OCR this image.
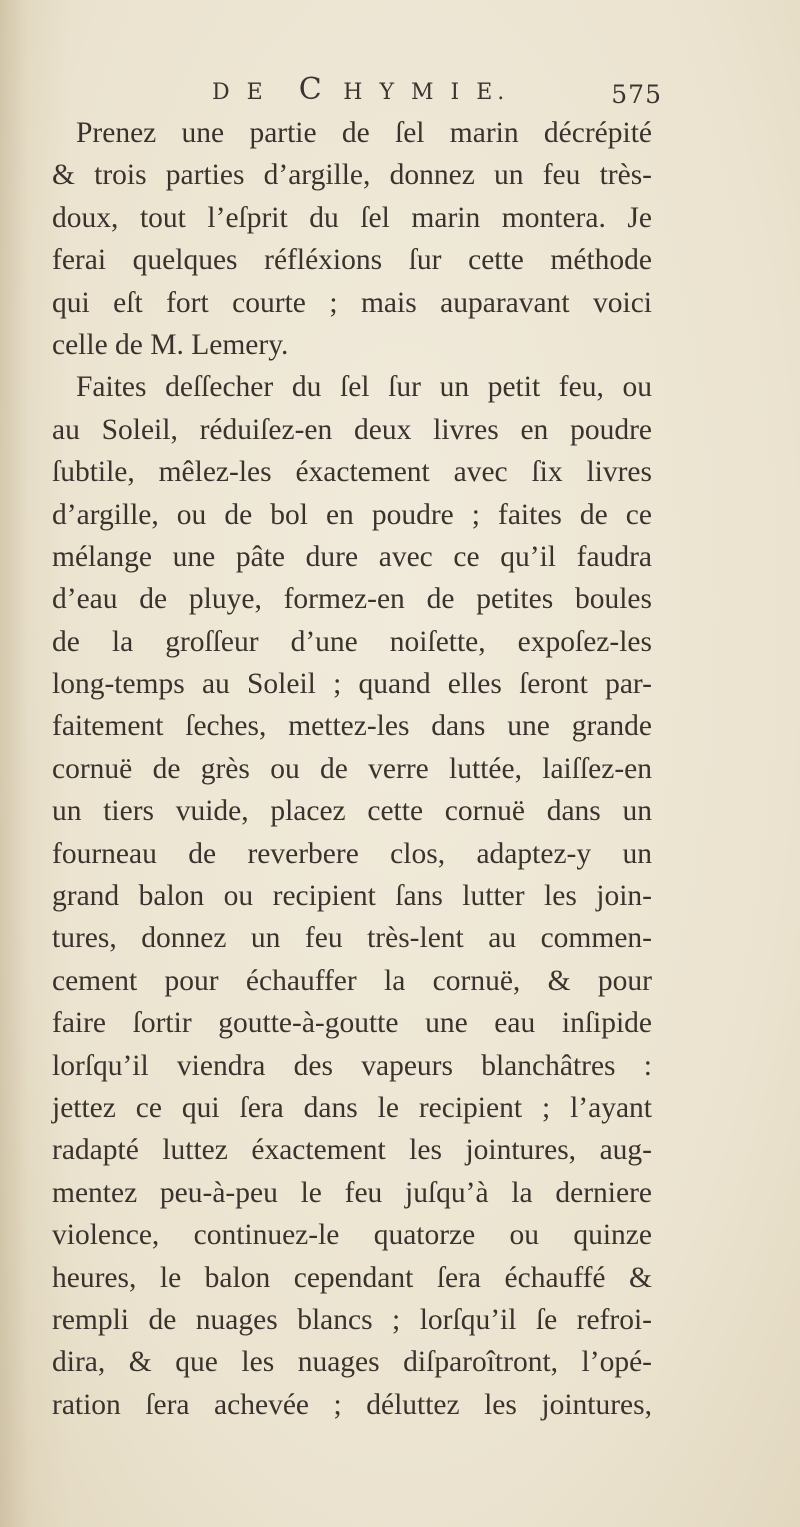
D E C H Y M I E.	575
Prenez une partie de ſel marin décrépité
& trois parties d’argille, donnez un feu très-
doux, tout l’eſprit du ſel marin montera. Je
ferai quelques réfléxions ſur cette méthode
qui eſt fort courte ; mais auparavant voici
celle de M. Lemery.
Faites deſſecher du ſel ſur un petit feu, ou
au Soleil, réduiſez-en deux livres en poudre
ſubtile, mêlez-les éxactement avec ſix livres
d’argille, ou de bol en poudre ; faites de ce
mélange une pâte dure avec ce qu’il faudra
d’eau de pluye, formez-en de petites boules
de la groſſeur d’une noiſette, expoſez-les
long-temps au Soleil ; quand elles ſeront par-
faitement ſeches, mettez-les dans une grande
cornuë de grès ou de verre luttée, laiſſez-en
un tiers vuide, placez cette cornuë dans un
fourneau de reverbere clos, adaptez-y un
grand balon ou recipient ſans lutter les join-
tures, donnez un feu très-lent au commen-
cement pour échauffer la cornuë, & pour
faire ſortir goutte-à-goutte une eau inſipide
lorſqu’il viendra des vapeurs blanchâtres :
jettez ce qui ſera dans le recipient ; l’ayant
radapté luttez éxactement les jointures, aug-
mentez peu-à-peu le feu juſqu’à la derniere
violence, continuez-le quatorze ou quinze
heures, le balon cependant ſera échauffé &
rempli de nuages blancs ; lorſqu’il ſe refroi-
dira, & que les nuages diſparoîtront, l’opé-
ration ſera achevée ; déluttez les jointures,
